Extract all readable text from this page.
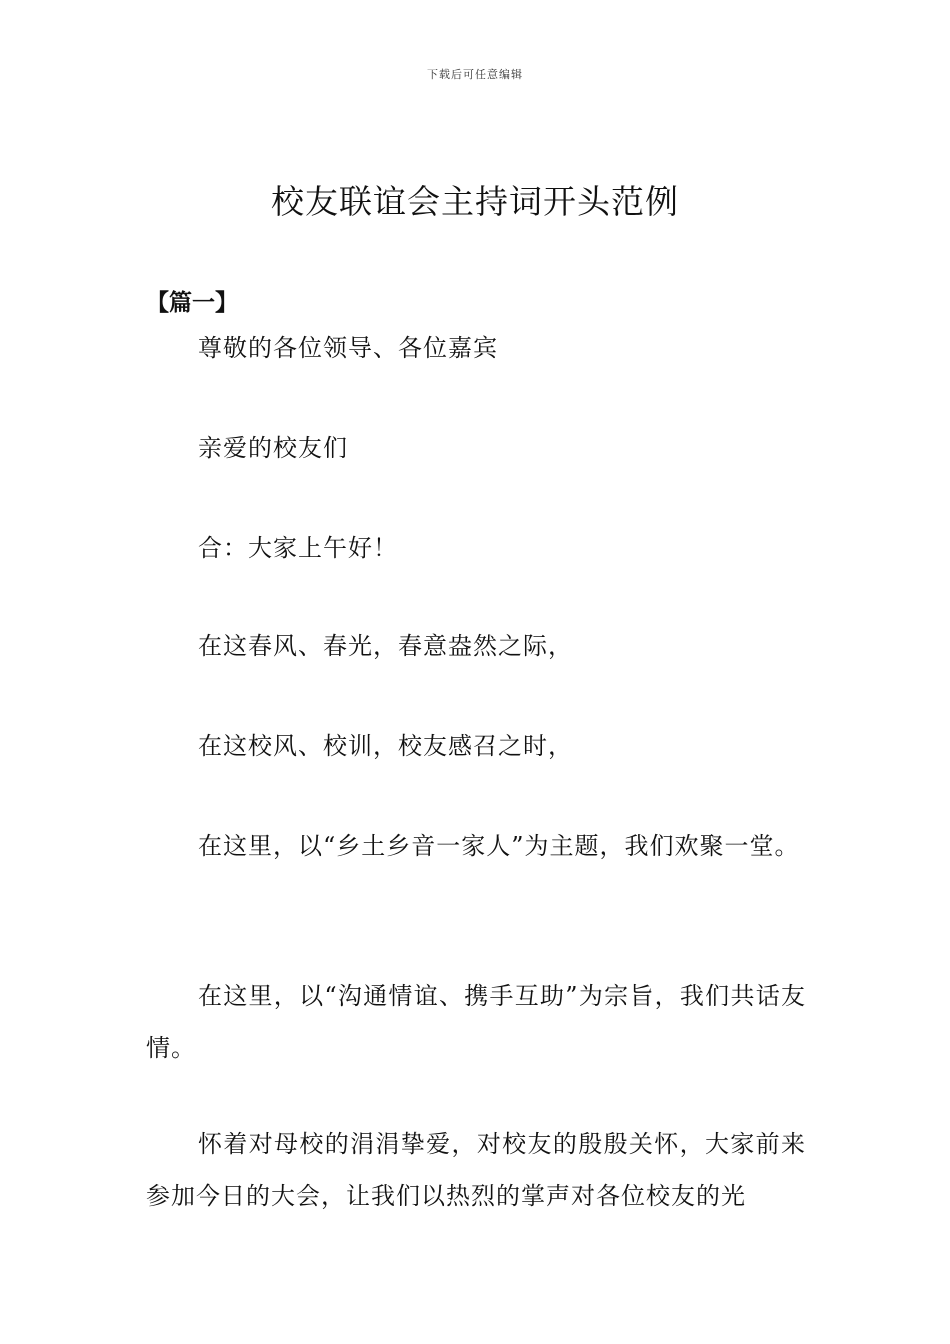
下载后可任意编辑
校友联谊会主持词开头范例
【篇一】

尊敬的各位领导、各位嘉宾

亲爱的校友们

合：大家上午好！

在这春风、春光，春意盎然之际，

在这校风、校训，校友感召之时，

在这里，以“乡土乡音一家人”为主题，我们欢聚一堂。

在这里，以“沟通情谊、携手互助”为宗旨，我们共话友情。

怀着对母校的涓涓挚爱，对校友的殷殷关怀，大家前来参加今日的大会，让我们以热烈的掌声对各位校友的光
